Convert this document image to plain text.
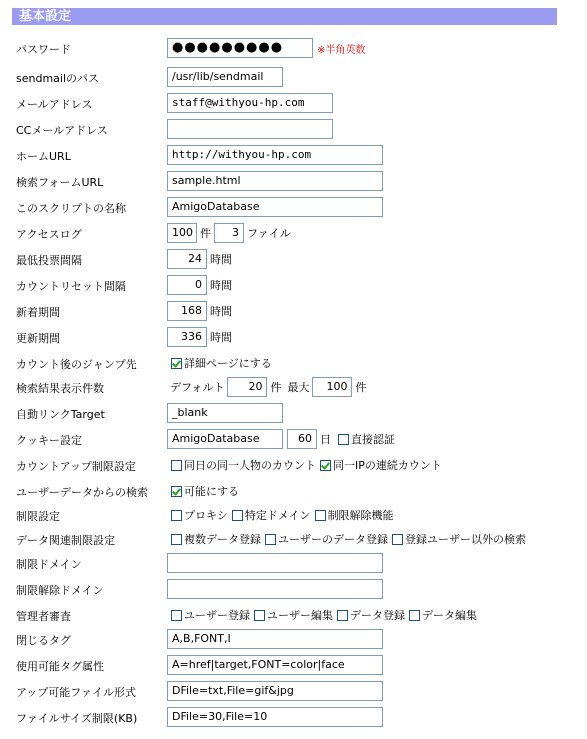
基本設定
パスワード	●●●●●●●●●	※半角英数
sendmailのパス	/usr/lib/sendmail
メールアドレス	staff@withyou-hp.com
CCメールアドレス
ホームURL	http://withyou-hp.com
検索フォームURL	sample.html
このスクリプトの名称	AmigoDatabase
アクセスログ	100 件	3 ファイル
最低投票間隔	24 時間
カウントリセット間隔	0 時間
新着期間	168 時間
更新期間	336 時間
カウント後のジャンプ先	詳細ページにする
検索結果表示件数	デフォルト	20 件 最大	100 件
自動リンクTarget	_blank
クッキー設定	AmigoDatabase	60 日 直接認証
カウントアップ制限設定	同日の同一人物のカウント 同一IPの連続カウント
ユーザーデータからの検索	可能にする
制限設定	プロキシ 特定ドメイン 制限解除機能
データ関連制限設定	複数データ登録 ユーザーのデータ登録 登録ユーザー以外の検索
制限ドメイン
制限解除ドメイン
管理者審査	ユーザー登録 ユーザー編集 データ登録 データ編集
閉じるタグ	A,B,FONT,I
使用可能タグ属性	A=href|target,FONT=color|face
アップ可能ファイル形式	DFile=txt,File=gif&jpg
ファイルサイズ制限(KB)	DFile=30,File=10
